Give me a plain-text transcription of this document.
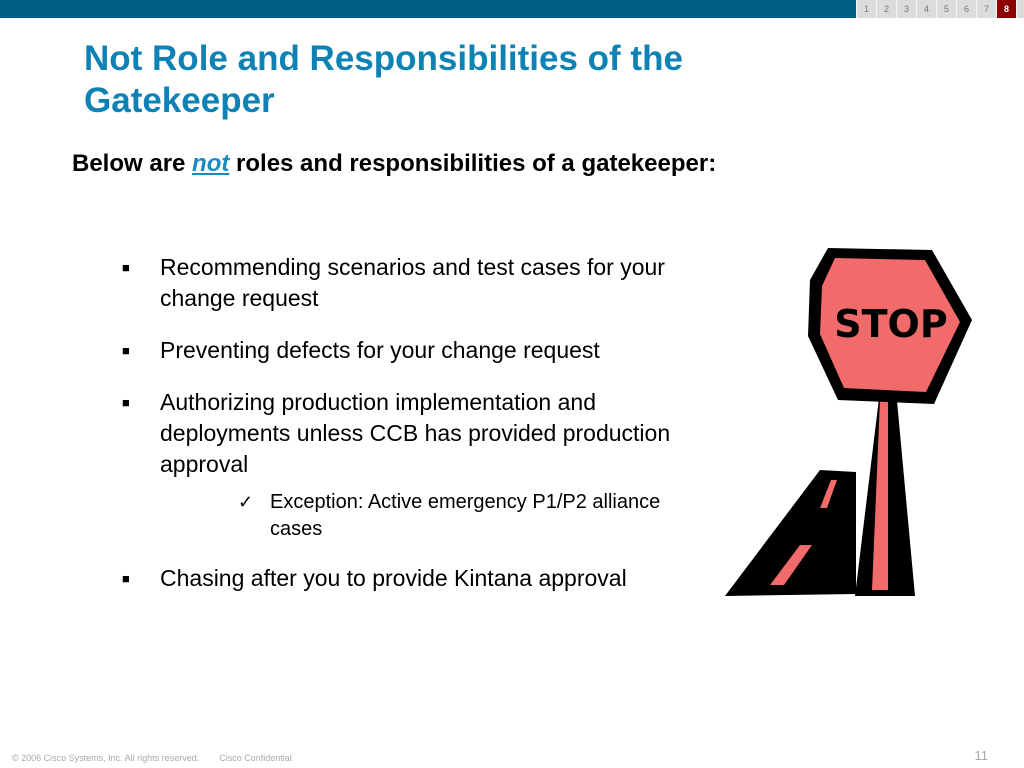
1	2	3	4	5	6	7	8
Not Role and Responsibilities of the Gatekeeper

Below are not roles and responsibilities of a gatekeeper:

■ Recommending scenarios and test cases for your change request
■ Preventing defects for your change request
■ Authorizing production implementation and deployments unless CCB has provided production approval
✓ Exception: Active emergency P1/P2 alliance cases
■ Chasing after you to provide Kintana approval
STOP
© 2006 Cisco Systems, Inc. All rights reserved. Cisco Confidential	11
